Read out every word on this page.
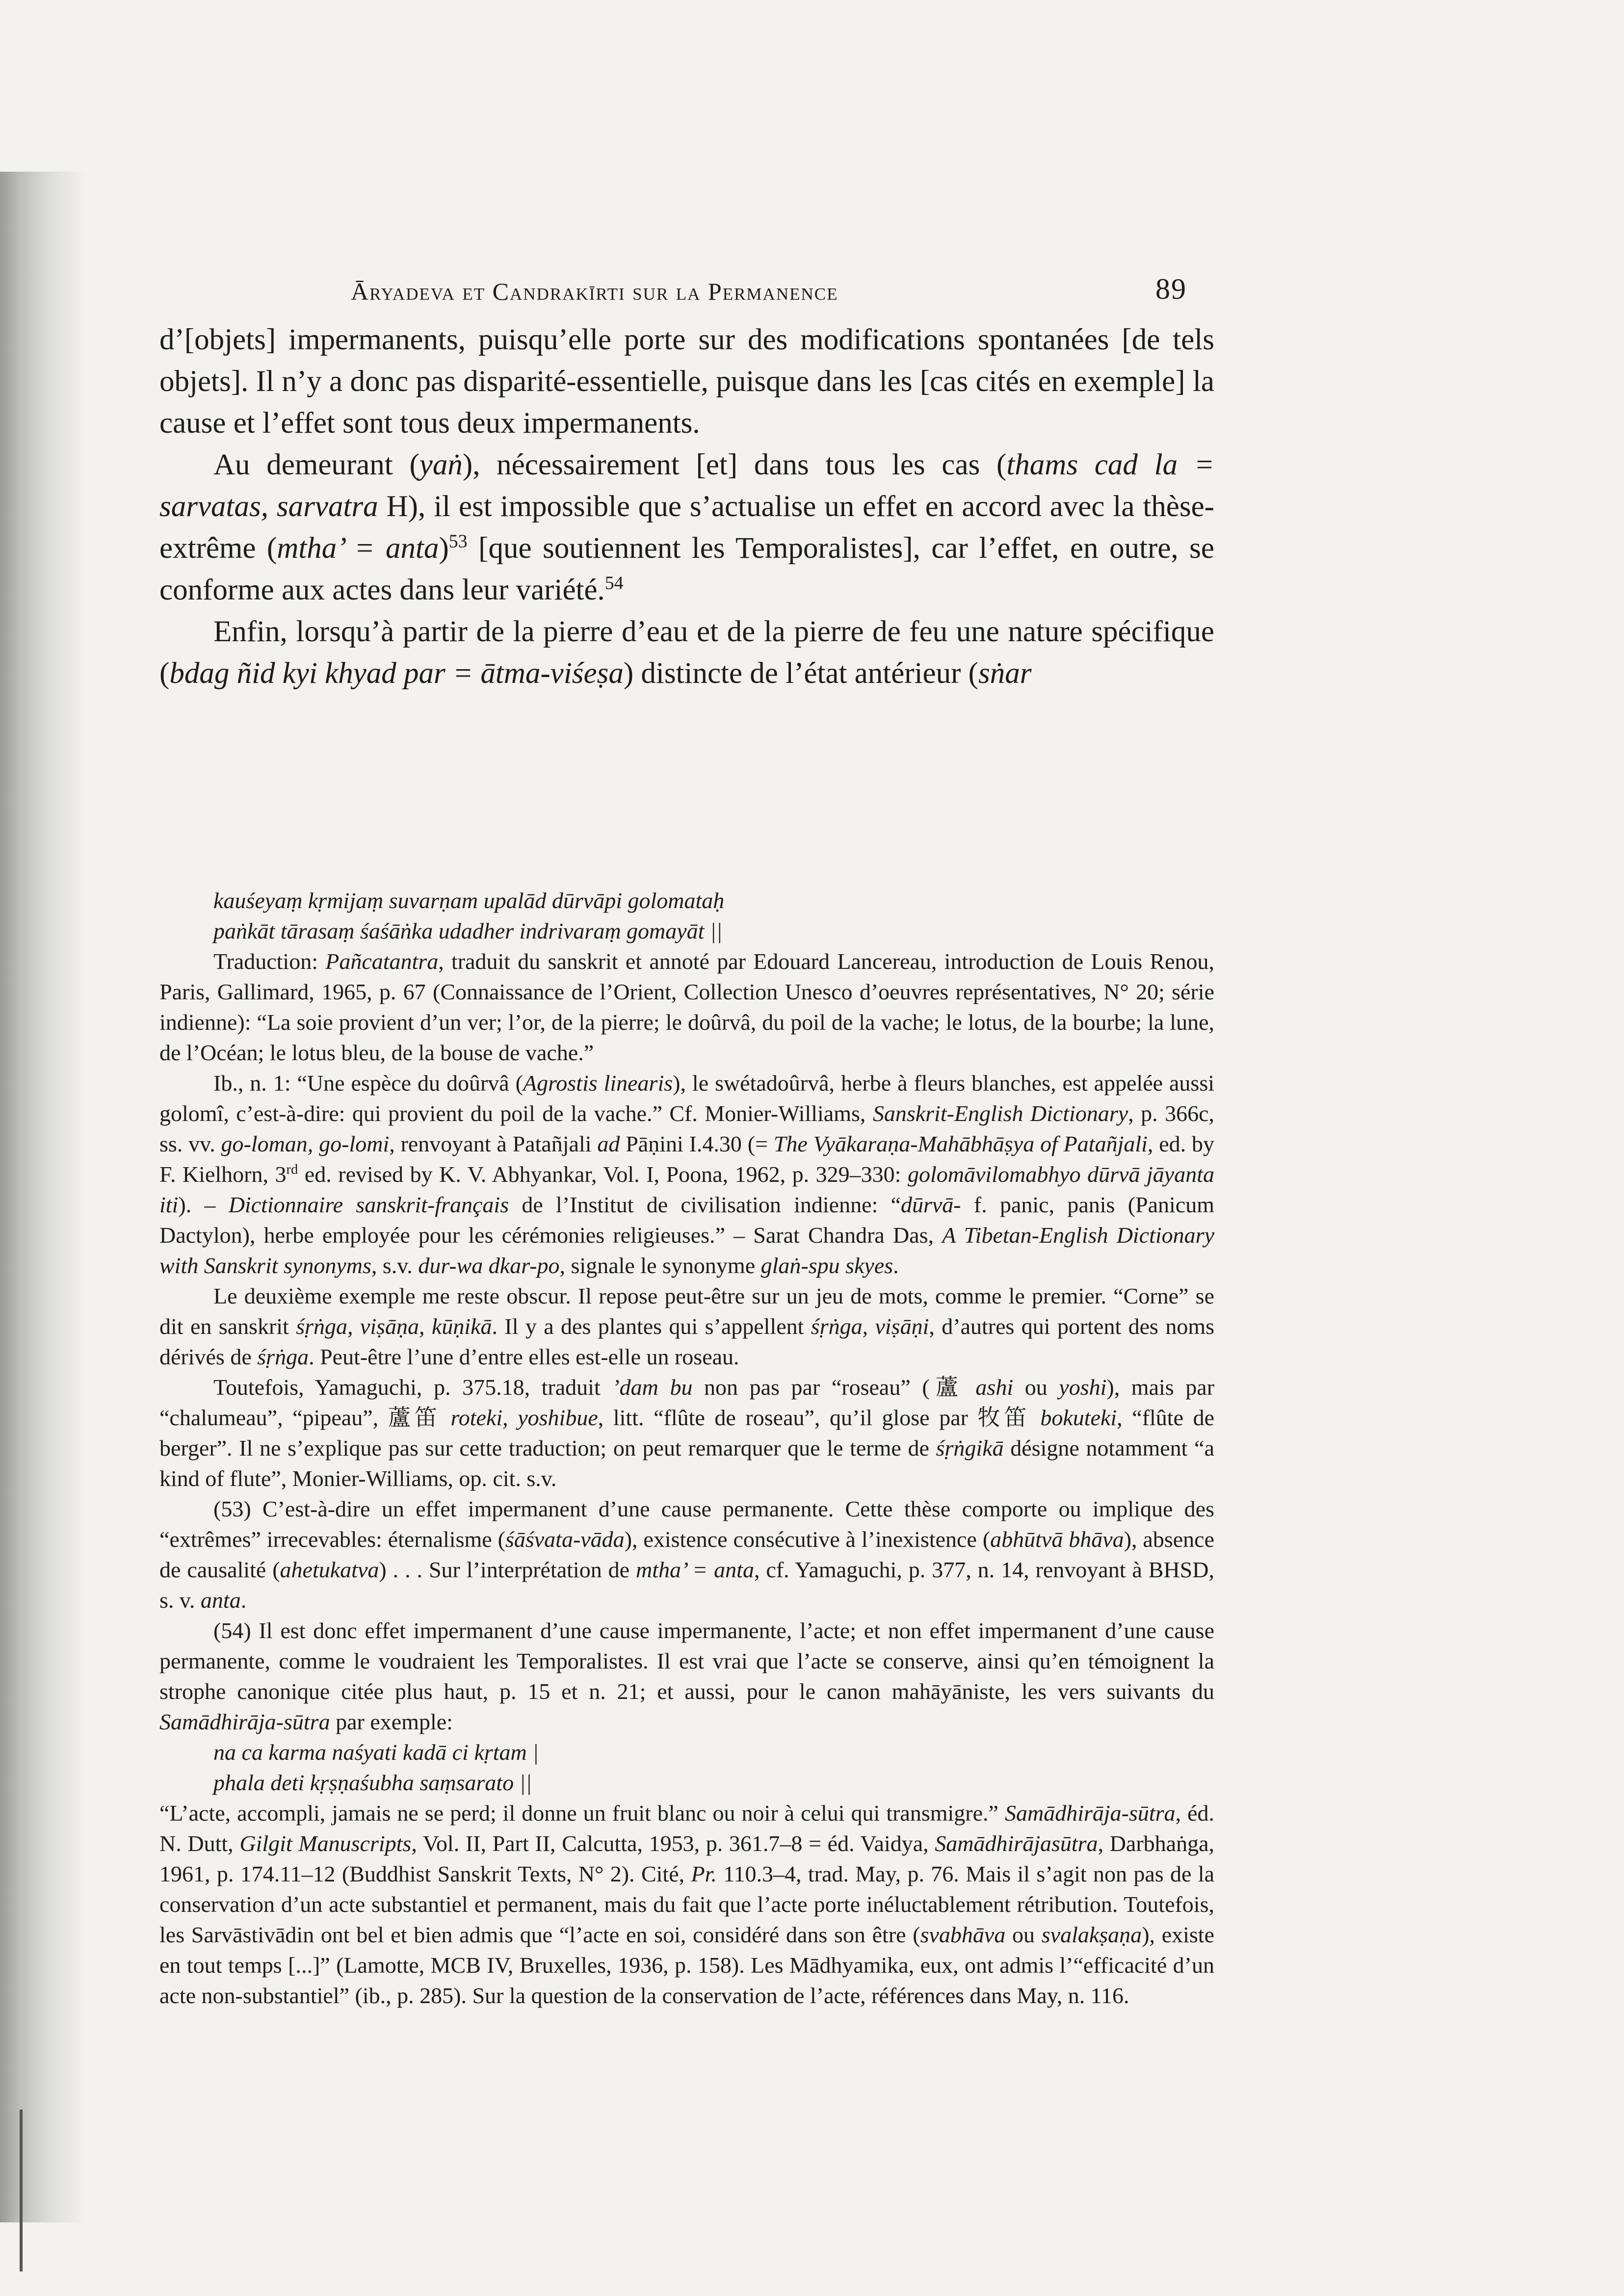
Āryadeva et Candrakīrti sur la Permanence	89

d’[objets] impermanents, puisqu’elle porte sur des modifications spontanées [de tels objets]. Il n’y a donc pas disparité-essentielle, puisque dans les [cas cités en exemple] la cause et l’effet sont tous deux impermanents.

Au demeurant (yaṅ), nécessairement [et] dans tous les cas (thams cad la = sarvatas, sarvatra H), il est impossible que s’actualise un effet en accord avec la thèse-extrême (mtha’ = anta)$^{53}$ [que soutiennent les Temporalistes], car l’effet, en outre, se conforme aux actes dans leur variété.$^{54}$

Enfin, lorsqu’à partir de la pierre d’eau et de la pierre de feu une nature spécifique (bdag ñid kyi khyad par = ātma-viśeṣa) distincte de l’état antérieur (sṅar

kauśeyaṃ kṛmijaṃ suvarṇam upalād dūrvāpi golomataḥ

paṅkāt tārasaṃ śaśāṅka udadher indrivaraṃ gomayāt ||

Traduction: Pañcatantra, traduit du sanskrit et annoté par Edouard Lancereau, introduction de Louis Renou, Paris, Gallimard, 1965, p. 67 (Connaissance de l’Orient, Collection Unesco d’oeuvres représentatives, N° 20; série indienne): “La soie provient d’un ver; l’or, de la pierre; le doûrvâ, du poil de la vache; le lotus, de la bourbe; la lune, de l’Océan; le lotus bleu, de la bouse de vache.”

Ib., n. 1: “Une espèce du doûrvâ (Agrostis linearis), le swétadoûrvâ, herbe à fleurs blanches, est appelée aussi golomî, c’est-à-dire: qui provient du poil de la vache.” Cf. Monier-Williams, Sanskrit-English Dictionary, p. 366c, ss. vv. go-loman, go-lomi, renvoyant à Patañjali ad Pāṇini I.4.30 (= The Vyākaraṇa-Mahābhāṣya of Patañjali, ed. by F. Kielhorn, 3rd ed. revised by K. V. Abhyankar, Vol. I, Poona, 1962, p. 329–330: golomāvilomabhyo dūrvā jāyanta iti). – Dictionnaire sanskrit-français de l’Institut de civilisation indienne: “dūrvā- f. panic, panis (Panicum Dactylon), herbe employée pour les cérémonies religieuses.” – Sarat Chandra Das, A Tibetan-English Dictionary with Sanskrit synonyms, s.v. dur-wa dkar-po, signale le synonyme glaṅ-spu skyes.

Le deuxième exemple me reste obscur. Il repose peut-être sur un jeu de mots, comme le premier. “Corne” se dit en sanskrit śṛṅga, viṣāṇa, kūṇikā. Il y a des plantes qui s’appellent śṛṅga, viṣāṇi, d’autres qui portent des noms dérivés de śṛṅga. Peut-être l’une d’entre elles est-elle un roseau.

Toutefois, Yamaguchi, p. 375.18, traduit ’dam bu non pas par “roseau” (蘆 ashi ou yoshi), mais par “chalumeau”, “pipeau”, 蘆笛 roteki, yoshibue, litt. “flûte de roseau”, qu’il glose par 牧笛 bokuteki, “flûte de berger”. Il ne s’explique pas sur cette traduction; on peut remarquer que le terme de śṛṅgikā désigne notamment “a kind of flute”, Monier-Williams, op. cit. s.v.

(53) C’est-à-dire un effet impermanent d’une cause permanente. Cette thèse comporte ou implique des “extrêmes” irrecevables: éternalisme (śāśvata-vāda), existence consécutive à l’inexistence (abhūtvā bhāva), absence de causalité (ahetukatva) . . . Sur l’interprétation de mtha’ = anta, cf. Yamaguchi, p. 377, n. 14, renvoyant à BHSD, s. v. anta.

(54) Il est donc effet impermanent d’une cause impermanente, l’acte; et non effet impermanent d’une cause permanente, comme le voudraient les Temporalistes. Il est vrai que l’acte se conserve, ainsi qu’en témoignent la strophe canonique citée plus haut, p. 15 et n. 21; et aussi, pour le canon mahāyāniste, les vers suivants du Samādhirāja-sūtra par exemple:

na ca karma naśyati kadā ci kṛtam |

phala deti kṛṣṇaśubha saṃsarato ||

“L’acte, accompli, jamais ne se perd; il donne un fruit blanc ou noir à celui qui transmigre.” Samādhirāja-sūtra, éd. N. Dutt, Gilgit Manuscripts, Vol. II, Part II, Calcutta, 1953, p. 361.7–8 = éd. Vaidya, Samādhirājasūtra, Darbhaṅga, 1961, p. 174.11–12 (Buddhist Sanskrit Texts, N° 2). Cité, Pr. 110.3–4, trad. May, p. 76. Mais il s’agit non pas de la conservation d’un acte substantiel et permanent, mais du fait que l’acte porte inéluctablement rétribution. Toutefois, les Sarvāstivādin ont bel et bien admis que “l’acte en soi, considéré dans son être (svabhāva ou svalakṣaṇa), existe en tout temps [...]” (Lamotte, MCB IV, Bruxelles, 1936, p. 158). Les Mādhyamika, eux, ont admis l’“efficacité d’un acte non-substantiel” (ib., p. 285). Sur la question de la conservation de l’acte, références dans May, n. 116.
